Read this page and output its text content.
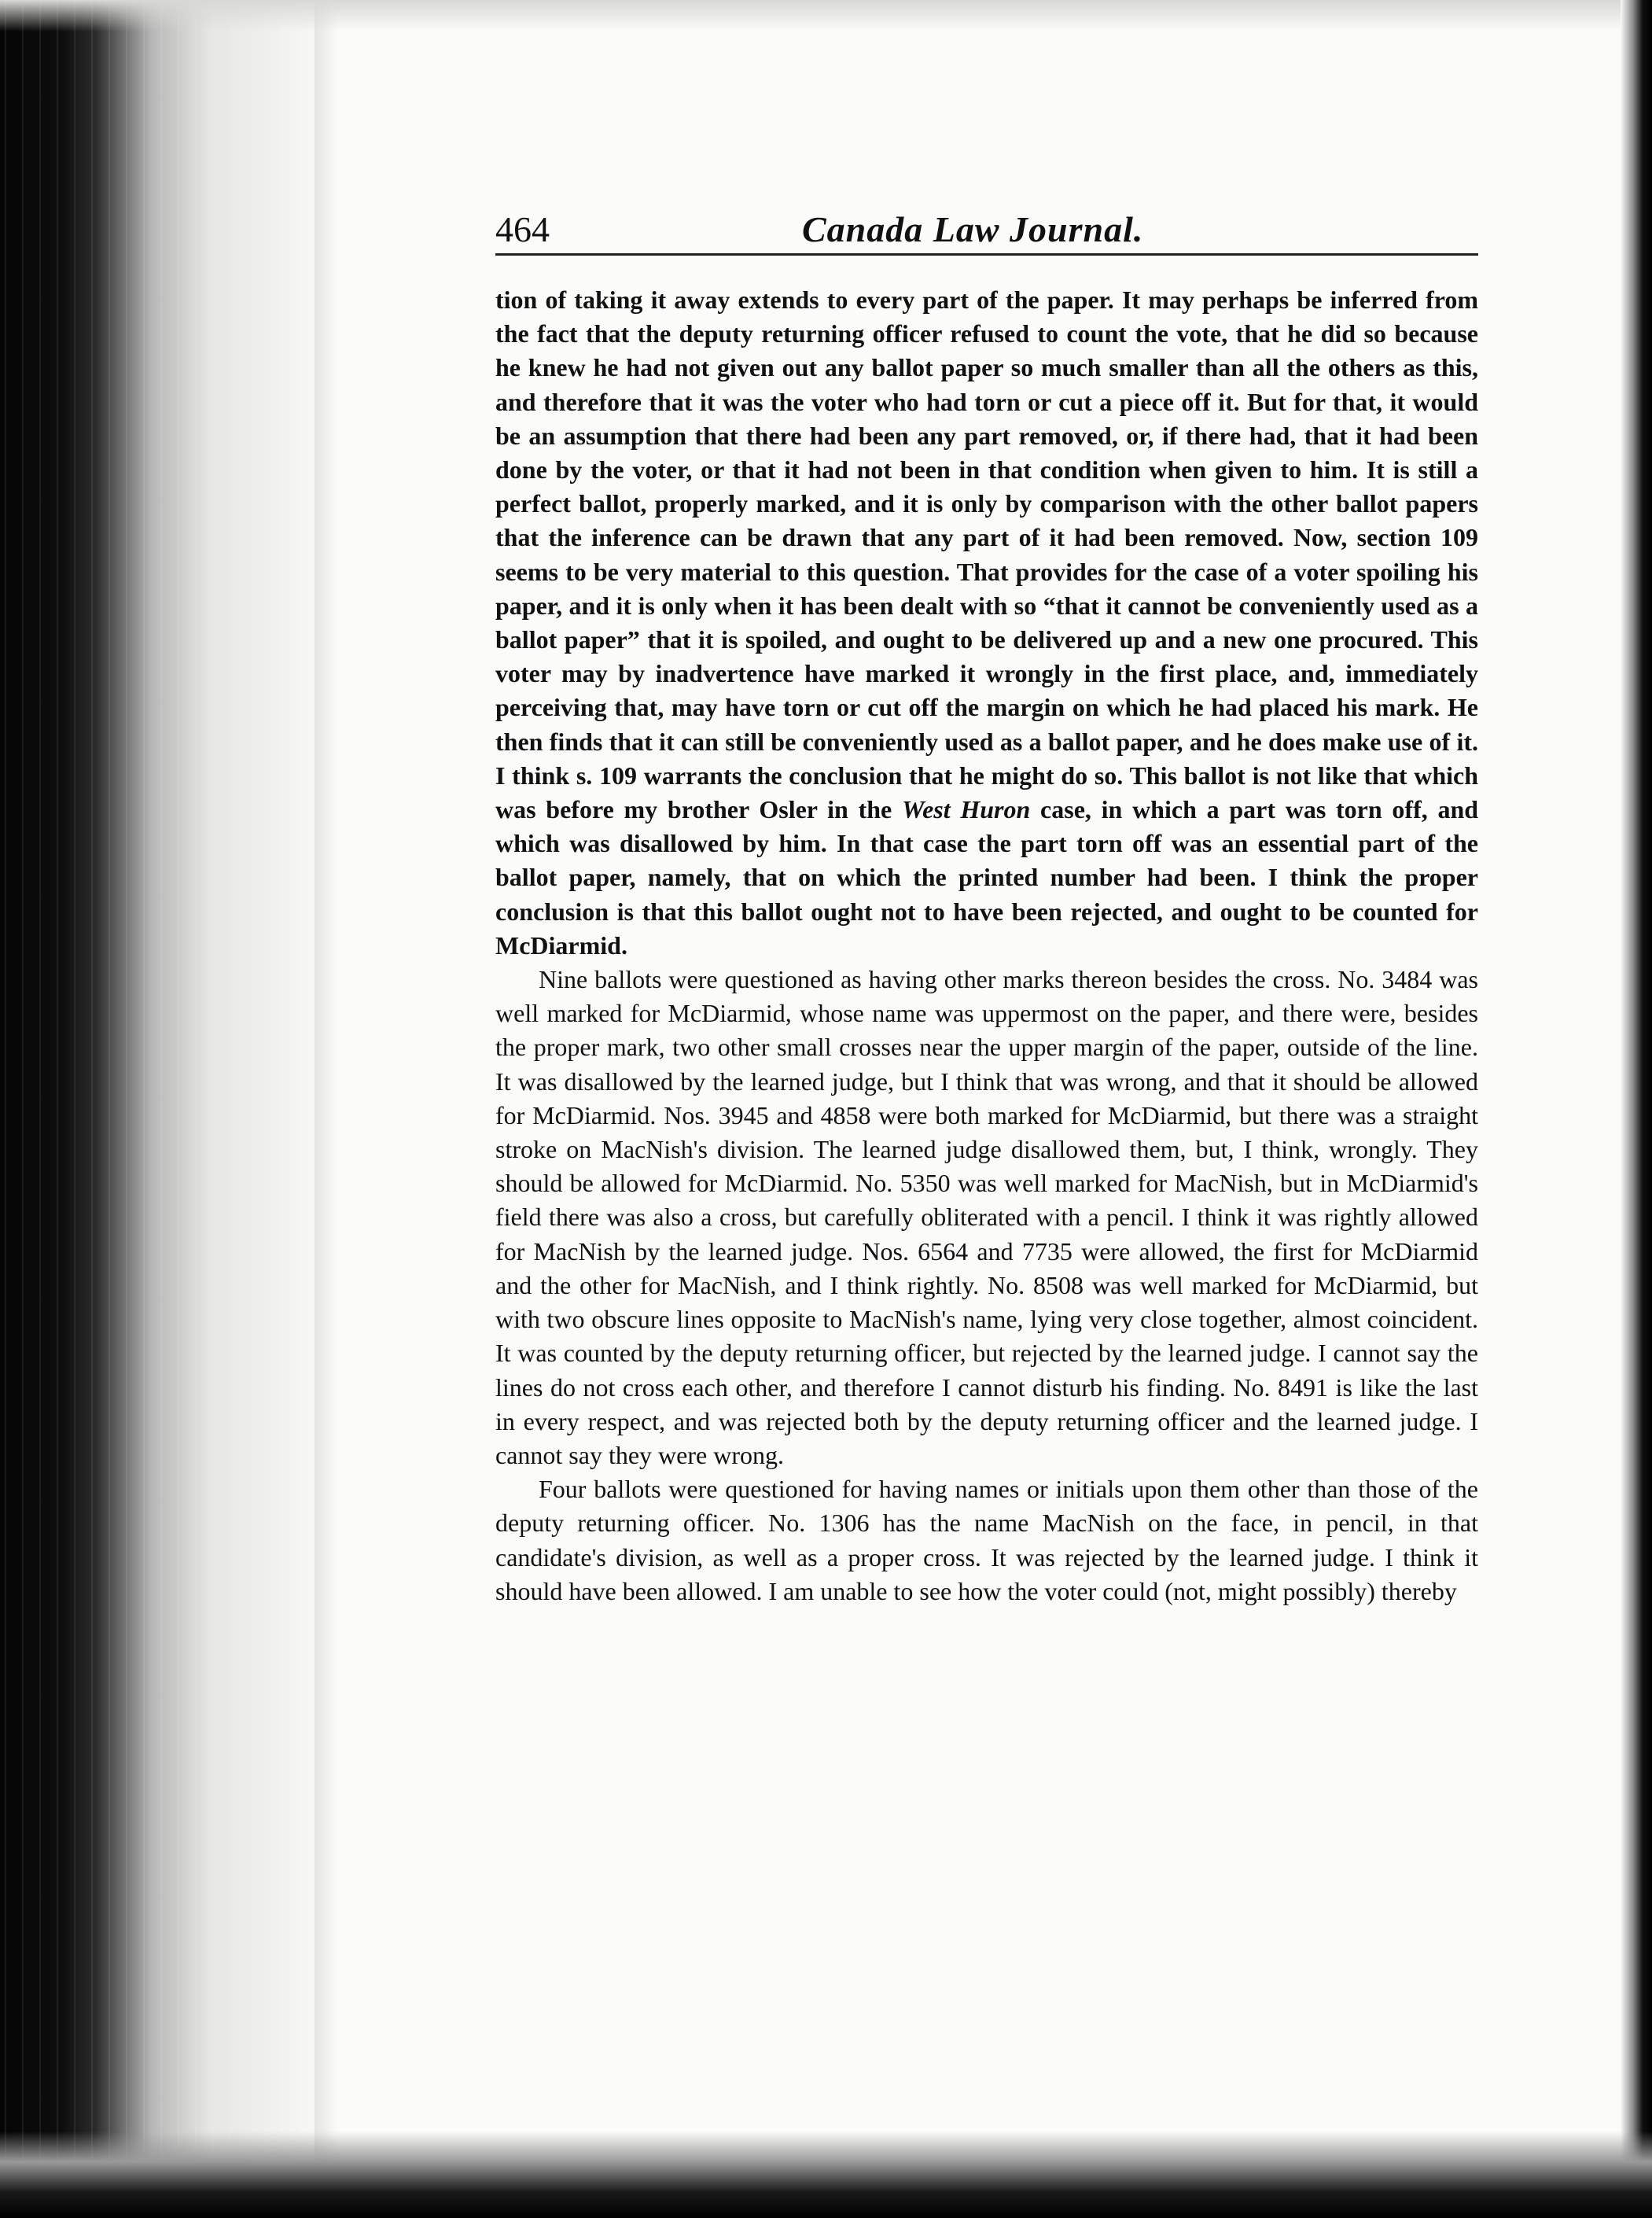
464	Canada Law Journal.

tion of taking it away extends to every part of the paper. It may perhaps be inferred from the fact that the deputy returning officer refused to count the vote, that he did so because he knew he had not given out any ballot paper so much smaller than all the others as this, and therefore that it was the voter who had torn or cut a piece off it. But for that, it would be an assumption that there had been any part removed, or, if there had, that it had been done by the voter, or that it had not been in that condition when given to him. It is still a perfect ballot, properly marked, and it is only by comparison with the other ballot papers that the inference can be drawn that any part of it had been removed. Now, section 109 seems to be very material to this question. That provides for the case of a voter spoiling his paper, and it is only when it has been dealt with so “that it cannot be conveniently used as a ballot paper” that it is spoiled, and ought to be delivered up and a new one procured. This voter may by inadvertence have marked it wrongly in the first place, and, immediately perceiving that, may have torn or cut off the margin on which he had placed his mark. He then finds that it can still be conveniently used as a ballot paper, and he does make use of it. I think s. 109 warrants the conclusion that he might do so. This ballot is not like that which was before my brother Osler in the West Huron case, in which a part was torn off, and which was disallowed by him. In that case the part torn off was an essential part of the ballot paper, namely, that on which the printed number had been. I think the proper conclusion is that this ballot ought not to have been rejected, and ought to be counted for McDiarmid.

Nine ballots were questioned as having other marks thereon besides the cross. No. 3484 was well marked for McDiarmid, whose name was uppermost on the paper, and there were, besides the proper mark, two other small crosses near the upper margin of the paper, outside of the line. It was disallowed by the learned judge, but I think that was wrong, and that it should be allowed for McDiarmid. Nos. 3945 and 4858 were both marked for McDiarmid, but there was a straight stroke on MacNish's division. The learned judge disallowed them, but, I think, wrongly. They should be allowed for McDiarmid. No. 5350 was well marked for MacNish, but in McDiarmid's field there was also a cross, but carefully obliterated with a pencil. I think it was rightly allowed for MacNish by the learned judge. Nos. 6564 and 7735 were allowed, the first for McDiarmid and the other for MacNish, and I think rightly. No. 8508 was well marked for McDiarmid, but with two obscure lines opposite to MacNish's name, lying very close together, almost coincident. It was counted by the deputy returning officer, but rejected by the learned judge. I cannot say the lines do not cross each other, and therefore I cannot disturb his finding. No. 8491 is like the last in every respect, and was rejected both by the deputy returning officer and the learned judge. I cannot say they were wrong.

Four ballots were questioned for having names or initials upon them other than those of the deputy returning officer. No. 1306 has the name MacNish on the face, in pencil, in that candidate's division, as well as a proper cross. It was rejected by the learned judge. I think it should have been allowed. I am unable to see how the voter could (not, might possibly) thereby
